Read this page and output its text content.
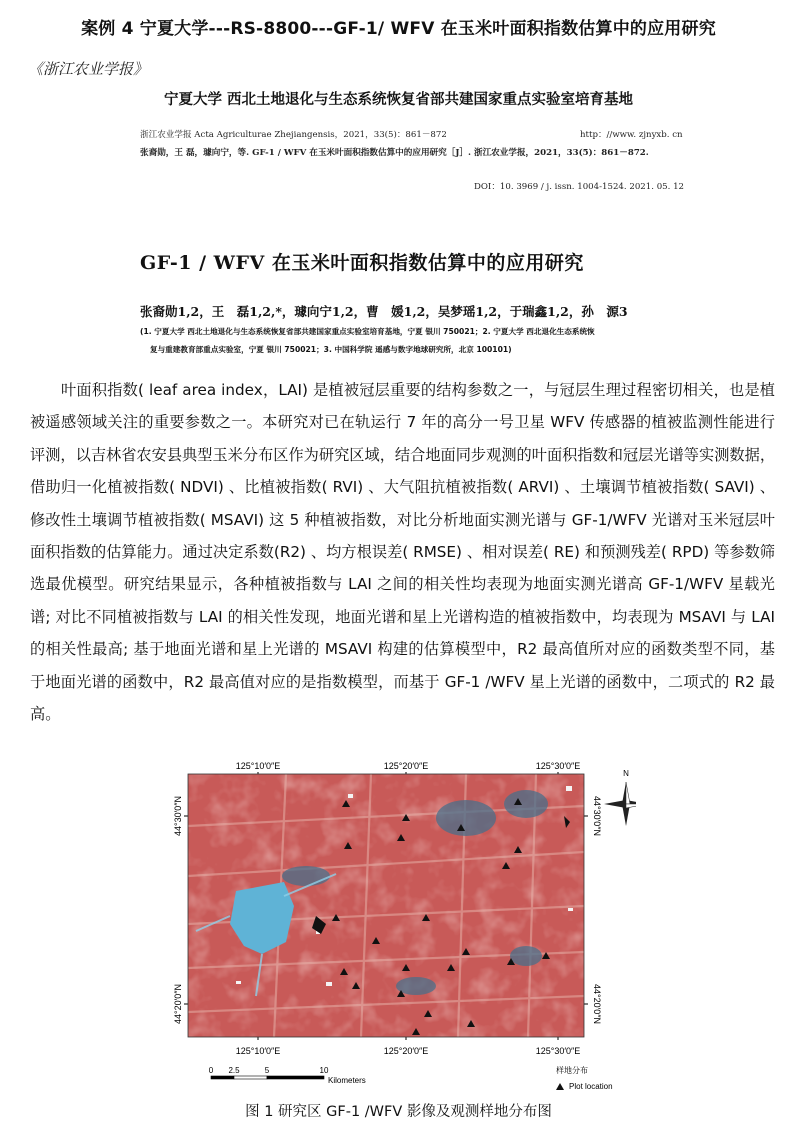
案例 4 宁夏大学---RS-8800---GF-1/ WFV 在玉米叶面积指数估算中的应用研究
《浙江农业学报》
宁夏大学 西北土地退化与生态系统恢复省部共建国家重点实验室培育基地
浙江农业学报 Acta Agriculturae Zhejiangensis，2021，33(5)：861－872	http：//www. zjnyxb. cn
张裔勋，王 磊，璩向宁，等. GF-1 / WFV 在玉米叶面积指数估算中的应用研究［J］. 浙江农业学报，2021，33(5)：861－872.
DOI：10. 3969 / j. issn. 1004-1524. 2021. 05. 12
GF-1 / WFV 在玉米叶面积指数估算中的应用研究
张裔勋1,2，王　磊1,2,*，璩向宁1,2，曹　媛1,2，吴梦瑶1,2，于瑞鑫1,2，孙　源3
(1. 宁夏大学 西北土地退化与生态系统恢复省部共建国家重点实验室培育基地，宁夏 银川 750021；2. 宁夏大学 西北退化生态系统恢
复与重建教育部重点实验室，宁夏 银川 750021；3. 中国科学院 遥感与数字地球研究所，北京 100101)

叶面积指数( leaf area index，LAI) 是植被冠层重要的结构参数之一，与冠层生理过程密切相关，也是植被遥感领域关注的重要参数之一。本研究对已在轨运行 7 年的高分一号卫星 WFV 传感器的植被监测性能进行评测，以吉林省农安县典型玉米分布区作为研究区域，结合地面同步观测的叶面积指数和冠层光谱等实测数据，借助归一化植被指数( NDVI) 、比植被指数( RVI) 、大气阻抗植被指数( ARVI) 、土壤调节植被指数( SAVI) 、修改性土壤调节植被指数( MSAVI) 这 5 种植被指数，对比分析地面实测光谱与 GF-1/WFV 光谱对玉米冠层叶面积指数的估算能力。通过决定系数(R2) 、均方根误差( RMSE) 、相对误差( RE) 和预测残差( RPD) 等参数筛选最优模型。研究结果显示，各种植被指数与 LAI 之间的相关性均表现为地面实测光谱高 GF-1/WFV 星载光谱; 对比不同植被指数与 LAI 的相关性发现，地面光谱和星上光谱构造的植被指数中，均表现为 MSAVI 与 LAI 的相关性最高; 基于地面光谱和星上光谱的 MSAVI 构建的估算模型中，R2 最高值所对应的函数类型不同，基于地面光谱的函数中，R2 最高值对应的是指数模型，而基于 GF-1 /WFV 星上光谱的函数中，二项式的 R2 最高。

125°10′0″E	125°20′0″E	125°30′0″E
125°10′0″E	125°20′0″E	125°30′0″E
44°30′0″N
44°20′0″N
44°30′0″N
44°20′0″N
N
0 2.5	5	10
Kilometers
样地分布
Plot location
图 1 研究区 GF-1 /WFV 影像及观测样地分布图
